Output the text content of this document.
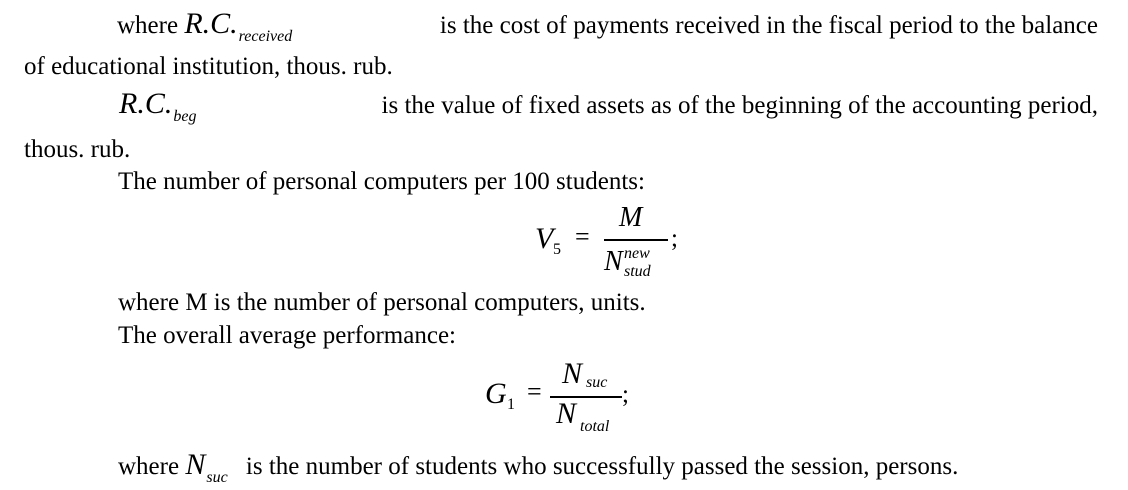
where $R.C._{received}$	is the cost of payments received in the fiscal period to the balance
of educational institution, thous. rub.
$R.C._{beg}$	is the value of fixed assets as of the beginning of the accounting period,
thous. rub.
The number of personal computers per 100 students:
V 5 =
M
N new
stud
;
where M is the number of personal computers, units.
The overall average performance:
G 1 =
N suc
N total
;
where $N_{suc}$ is the number of students who successfully passed the session, persons.
